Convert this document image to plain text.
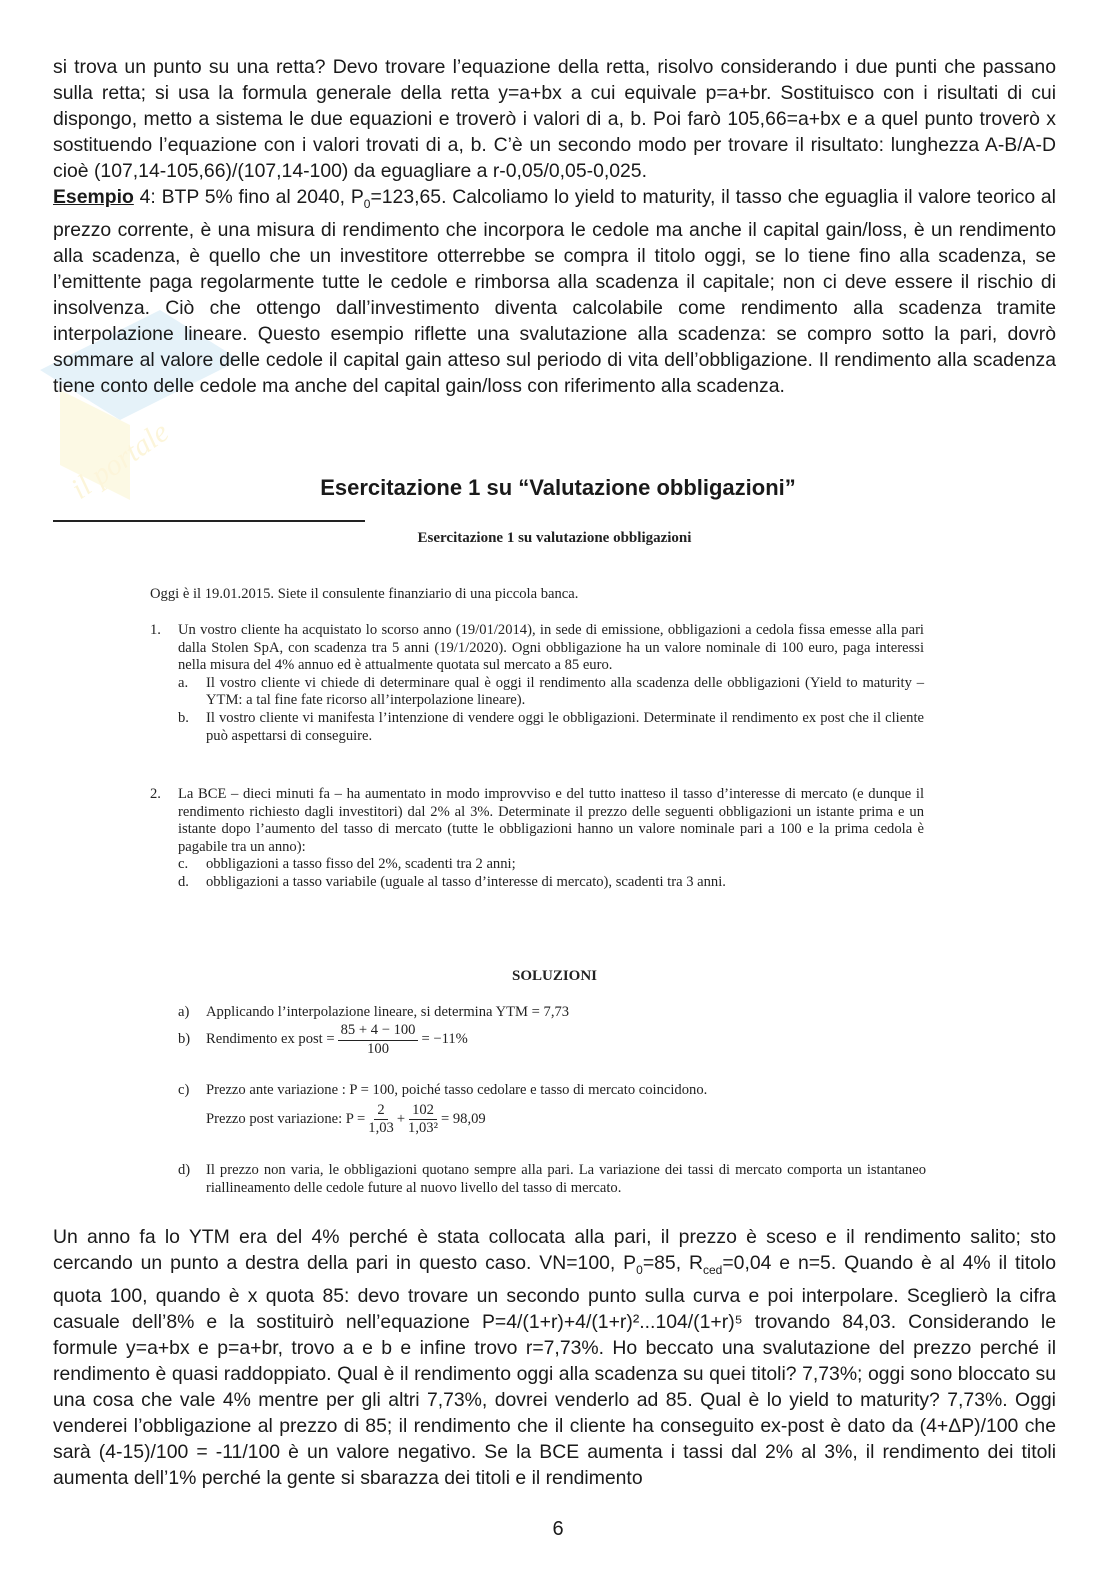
il portale

si trova un punto su una retta? Devo trovare l’equazione della retta, risolvo considerando i due punti che passano sulla retta; si usa la formula generale della retta y=a+bx a cui equivale p=a+br. Sostituisco con i risultati di cui dispongo, metto a sistema le due equazioni e troverò i valori di a, b. Poi farò 105,66=a+bx e a quel punto troverò x sostituendo l’equazione con i valori trovati di a, b. C’è un secondo modo per trovare il risultato: lunghezza A-B/A-D cioè (107,14-105,66)/(107,14-100) da eguagliare a r-0,05/0,05-0,025.

Esempio 4: BTP 5% fino al 2040, $P_0=123,65$. Calcoliamo lo yield to maturity, il tasso che eguaglia il valore teorico al prezzo corrente, è una misura di rendimento che incorpora le cedole ma anche il capital gain/loss, è un rendimento alla scadenza, è quello che un investitore otterrebbe se compra il titolo oggi, se lo tiene fino alla scadenza, se l’emittente paga regolarmente tutte le cedole e rimborsa alla scadenza il capitale; non ci deve essere il rischio di insolvenza. Ciò che ottengo dall’investimento diventa calcolabile come rendimento alla scadenza tramite interpolazione lineare. Questo esempio riflette una svalutazione alla scadenza: se compro sotto la pari, dovrò sommare al valore delle cedole il capital gain atteso sul periodo di vita dell’obbligazione. Il rendimento alla scadenza tiene conto delle cedole ma anche del capital gain/loss con riferimento alla scadenza.

Esercitazione 1 su “Valutazione obbligazioni”
Esercitazione 1 su valutazione obbligazioni
Oggi è il 19.01.2015. Siete il consulente finanziario di una piccola banca.
1.	Un vostro cliente ha acquistato lo scorso anno (19/01/2014), in sede di emissione, obbligazioni a cedola fissa emesse alla pari dalla Stolen SpA, con scadenza tra 5 anni (19/1/2020). Ogni obbligazione ha un valore nominale di 100 euro, paga interessi nella misura del 4% annuo ed è attualmente quotata sul mercato a 85 euro.
a.	Il vostro cliente vi chiede di determinare qual è oggi il rendimento alla scadenza delle obbligazioni (Yield to maturity – YTM: a tal fine fate ricorso all’interpolazione lineare).
b.	Il vostro cliente vi manifesta l’intenzione di vendere oggi le obbligazioni. Determinate il rendimento ex post che il cliente può aspettarsi di conseguire.
2.	La BCE – dieci minuti fa – ha aumentato in modo improvviso e del tutto inatteso il tasso d’interesse di mercato (e dunque il rendimento richiesto dagli investitori) dal 2% al 3%. Determinate il prezzo delle seguenti obbligazioni un istante prima e un istante dopo l’aumento del tasso di mercato (tutte le obbligazioni hanno un valore nominale pari a 100 e la prima cedola è pagabile tra un anno):
c.	obbligazioni a tasso fisso del 2%, scadenti tra 2 anni;
d.	obbligazioni a tasso variabile (uguale al tasso d’interesse di mercato), scadenti tra 3 anni.
SOLUZIONI
a)	Applicando l’interpolazione lineare, si determina YTM = 7,73
b)	Rendimento ex post = $\frac{85 + 4 - 100}{100} = -11\%$
c)	Prezzo ante variazione : P = 100, poiché tasso cedolare e tasso di mercato coincidono.
Prezzo post variazione: $P = \frac{2}{1,03} + \frac{102}{\text{1,03²}} = 98,09$
d)	Il prezzo non varia, le obbligazioni quotano sempre alla pari. La variazione dei tassi di mercato comporta un istantaneo riallineamento delle cedole future al nuovo livello del tasso di mercato.

Un anno fa lo YTM era del 4% perché è stata collocata alla pari, il prezzo è sceso e il rendimento salito; sto cercando un punto a destra della pari in questo caso. VN=100, $P_0=85$, $R_{ced}=0,04$ e n=5. Quando è al 4% il titolo quota 100, quando è x quota 85: devo trovare un secondo punto sulla curva e poi interpolare. Sceglierò la cifra casuale dell’8% e la sostituirò nell’equazione P=4/(1+r)+4/(1+r)²...104/(1+r)⁵ trovando 84,03. Considerando le formule y=a+bx e p=a+br, trovo a e b e infine trovo r=7,73%. Ho beccato una svalutazione del prezzo perché il rendimento è quasi raddoppiato. Qual è il rendimento oggi alla scadenza su quei titoli? 7,73%; oggi sono bloccato su una cosa che vale 4% mentre per gli altri 7,73%, dovrei venderlo ad 85. Qual è lo yield to maturity? 7,73%. Oggi venderei l’obbligazione al prezzo di 85; il rendimento che il cliente ha conseguito ex-post è dato da (4+ΔP)/100 che sarà (4-15)/100 = -11/100 è un valore negativo. Se la BCE aumenta i tassi dal 2% al 3%, il rendimento dei titoli aumenta dell’1% perché la gente si sbarazza dei titoli e il rendimento

6
